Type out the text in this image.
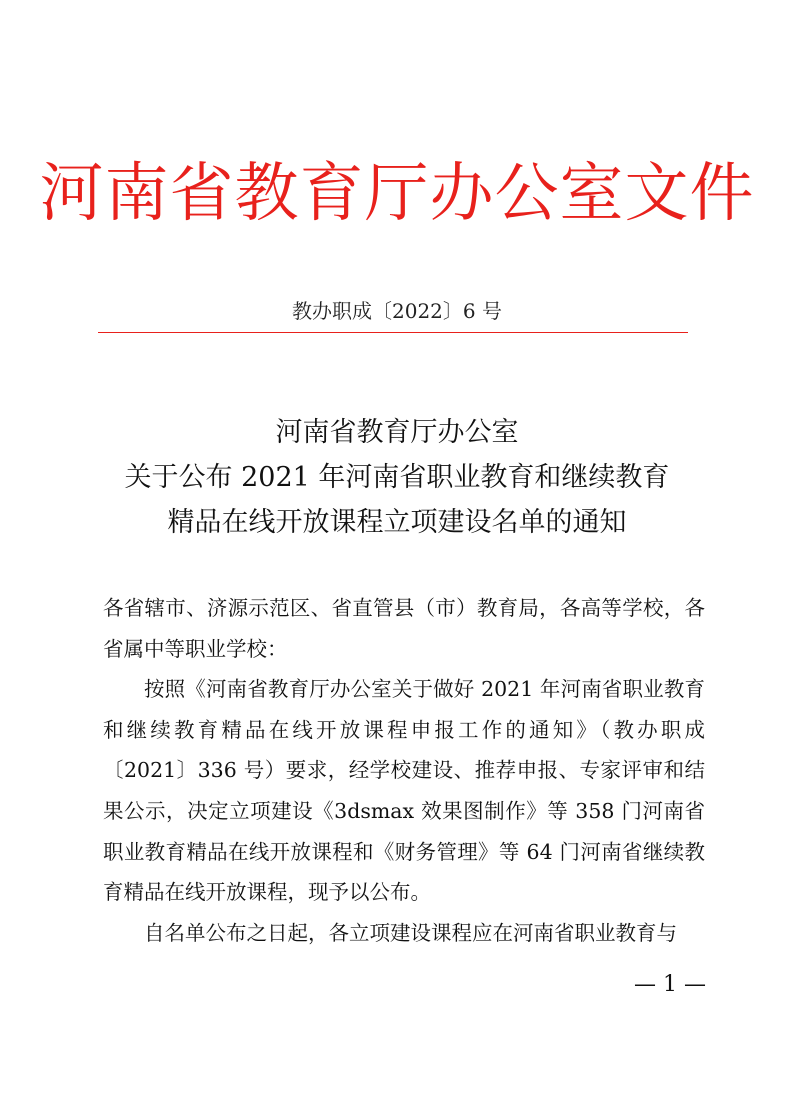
河南省教育厅办公室文件
教办职成〔2022〕6 号
河南省教育厅办公室
关于公布 2021 年河南省职业教育和继续教育
精品在线开放课程立项建设名单的通知

各省辖市、济源示范区、省直管县（市）教育局，各高等学校，各省属中等职业学校：

按照《河南省教育厅办公室关于做好 2021 年河南省职业教育和继续教育精品在线开放课程申报工作的通知》（教办职成〔2021〕336 号）要求，经学校建设、推荐申报、专家评审和结果公示，决定立项建设《3dsmax 效果图制作》等 358 门河南省职业教育精品在线开放课程和《财务管理》等 64 门河南省继续教育精品在线开放课程，现予以公布。

自名单公布之日起，各立项建设课程应在河南省职业教育与

— 1 —
